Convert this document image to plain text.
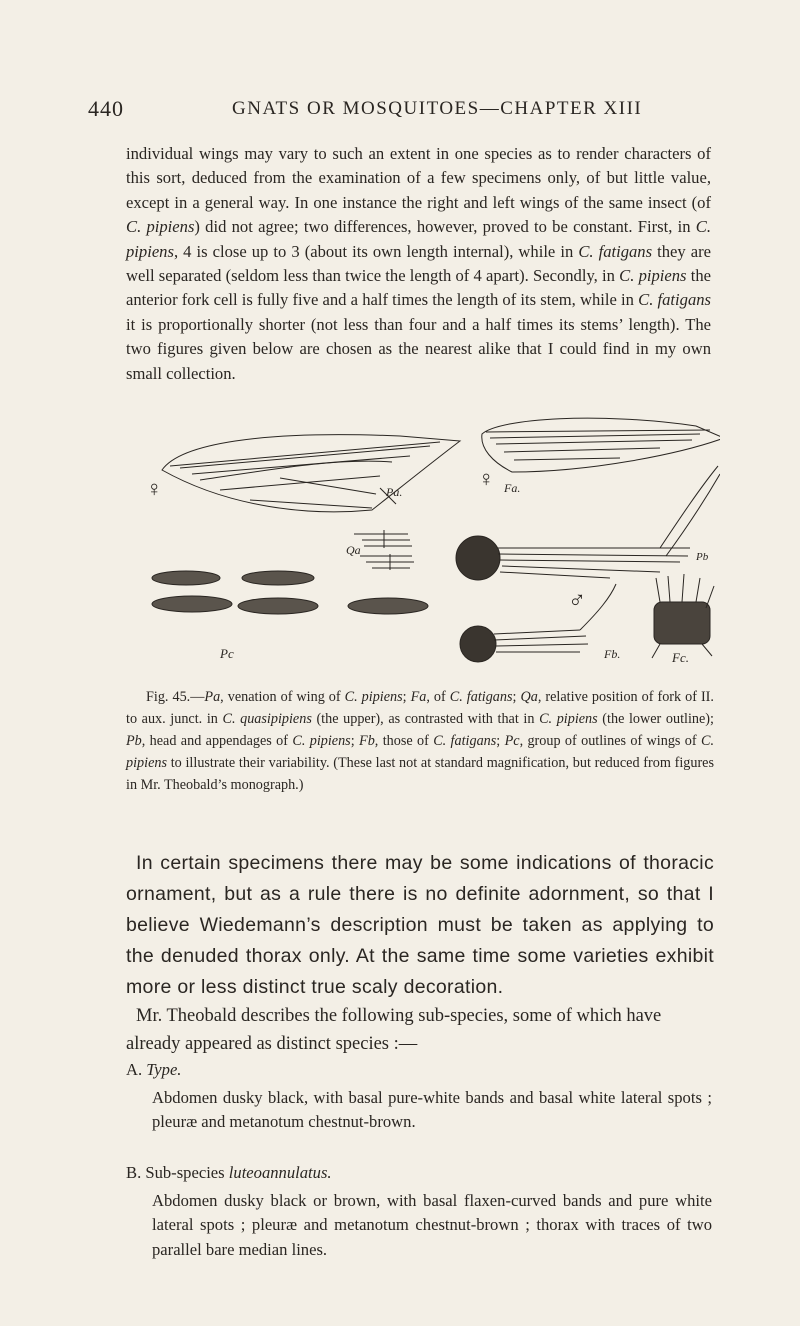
440	GNATS OR MOSQUITOES—CHAPTER XIII
individual wings may vary to such an extent in one species as to render characters of this sort, deduced from the examination of a few specimens only, of but little value, except in a general way. In one instance the right and left wings of the same insect (of C. pipiens) did not agree; two differences, however, proved to be constant. First, in C. pipiens, 4 is close up to 3 (about its own length internal), while in C. fatigans they are well separated (seldom less than twice the length of 4 apart). Secondly, in C. pipiens the anterior fork cell is fully five and a half times the length of its stem, while in C. fatigans it is proportionally shorter (not less than four and a half times its stems’ length). The two figures given below are chosen as the nearest alike that I could find in my own small collection.
♀	♀
♂
Pa.
Qa
Pc
Fa.
Pb
Fb.	Fc.
Fig. 45.—Pa, venation of wing of C. pipiens; Fa, of C. fatigans; Qa, relative position of fork of II. to aux. junct. in C. quasipipiens (the upper), as contrasted with that in C. pipiens (the lower outline); Pb, head and appendages of C. pipiens; Fb, those of C. fatigans; Pc, group of outlines of wings of C. pipiens to illustrate their variability. (These last not at standard magnification, but reduced from figures in Mr. Theobald’s monograph.)
In certain specimens there may be some indications of thoracic ornament, but as a rule there is no definite adornment, so that I believe Wiedemann’s description must be taken as applying to the denuded thorax only. At the same time some varieties exhibit more or less distinct true scaly decoration.
Mr. Theobald describes the following sub-species, some of which have already appeared as distinct species :—
A. Type.
Abdomen dusky black, with basal pure-white bands and basal white lateral spots ; pleuræ and metanotum chestnut-brown.
B. Sub-species luteoannulatus.
Abdomen dusky black or brown, with basal flaxen-curved bands and pure white lateral spots ; pleuræ and metanotum chestnut-brown ; thorax with traces of two parallel bare median lines.
